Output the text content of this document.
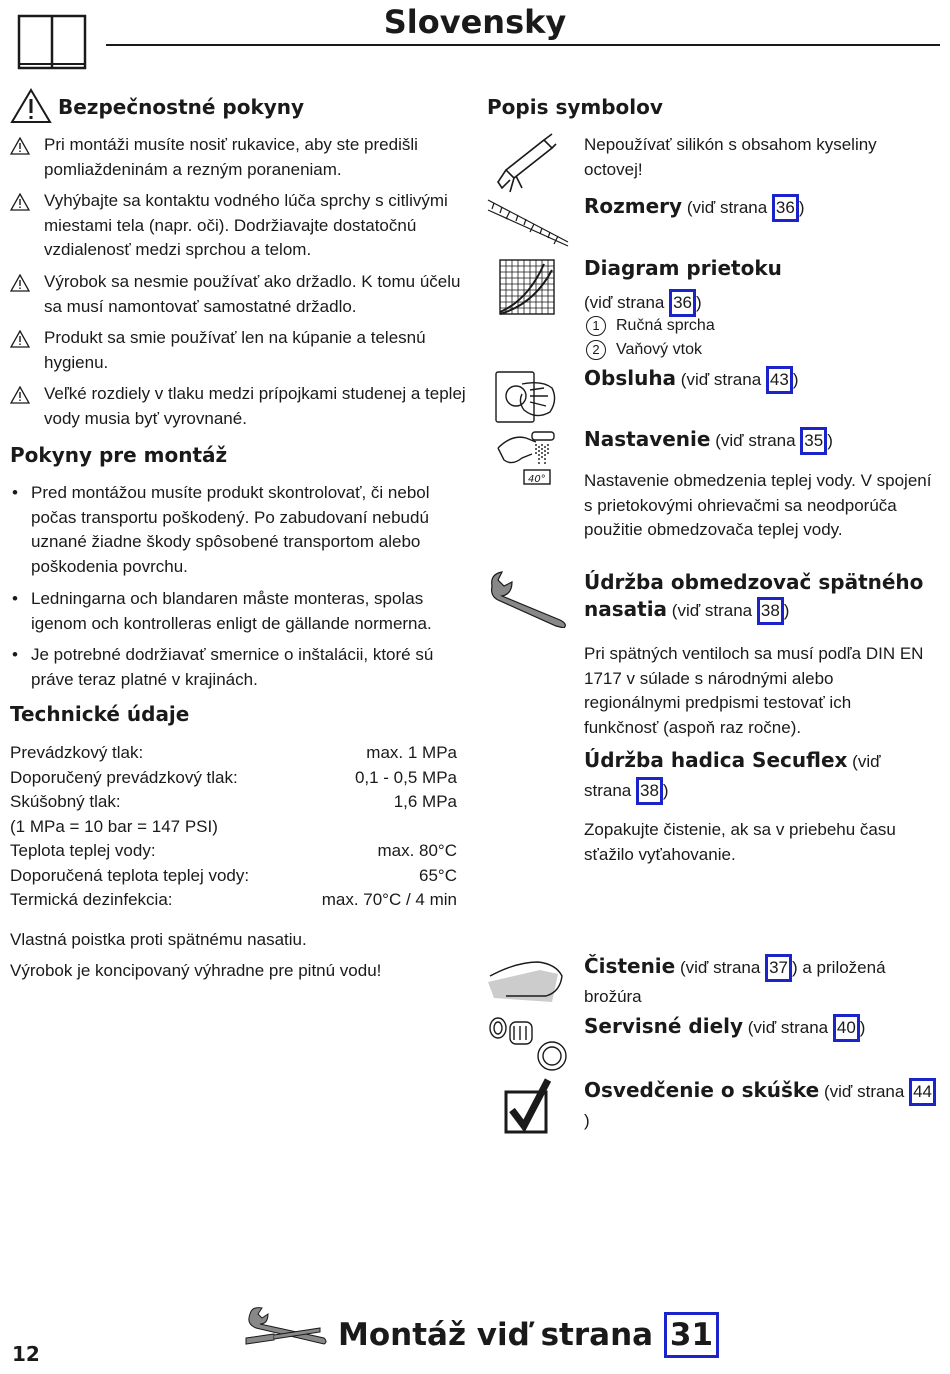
Slovensky
Bezpečnostné pokyny
Pri montáži musíte nosiť rukavice, aby ste predišli pomliaždeninám a rezným poraneniam.
Vyhýbajte sa kontaktu vodného lúča sprchy s citlivými miestami tela (napr. oči). Dodržiavajte dostatočnú vzdialenosť medzi sprchou a telom.
Výrobok sa nesmie používať ako držadlo. K tomu účelu sa musí namontovať samostatné držadlo.
Produkt sa smie používať len na kúpanie a telesnú hygienu.
Veľké rozdiely v tlaku medzi prípojkami studenej a teplej vody musia byť vyrovnané.
Pokyny pre montáž
• Pred montážou musíte produkt skontrolovať, či nebol počas transportu poškodený. Po zabudovaní nebudú uznané žiadne škody spôsobené transportom alebo poškodenia povrchu.
• Ledningarna och blandaren måste monteras, spolas igenom och kontrolleras enligt de gällande normerna.
• Je potrebné dodržiavať smernice o inštalácii, ktoré sú práve teraz platné v krajinách.
Technické údaje
Prevádzkový tlak:	max. 1 MPa
Doporučený prevádzkový tlak:	0,1 - 0,5 MPa
Skúšobný tlak:	1,6 MPa
(1 MPa = 10 bar = 147 PSI)
Teplota teplej vody:	max. 80°C
Doporučená teplota teplej vody:	65°C
Termická dezinfekcia:	max. 70°C / 4 min
Vlastná poistka proti spätnému nasatiu.
Výrobok je koncipovaný výhradne pre pitnú vodu!
Popis symbolov
Nepoužívať silikón s obsahom kyseliny octovej!
Rozmery (viď strana 36 )
Diagram prietoku
(viď strana 36 )
1 Ručná sprcha
2 Vaňový vtok
Obsluha (viď strana 43 )
40°
Nastavenie (viď strana 35 )
Nastavenie obmedzenia teplej vody. V spojení s prietokovými ohrievačmi sa neodporúča použitie obmedzovača teplej vody.
Údržba obmedzovač spätného nasatia (viď strana 38 )
Pri spätných ventiloch sa musí podľa DIN EN 1717 v súlade s národnými alebo regionálnymi predpismi testovať ich funkčnosť (aspoň raz ročne).
Údržba hadica Secuflex (viď strana 38 )
Zopakujte čistenie, ak sa v priebehu času sťažilo vyťahovanie.
Čistenie (viď strana 37 ) a priložená brožúra
Servisné diely (viď strana 40 )
Osvedčenie o skúške (viď strana 44)
12
Montáž viď strana 31
